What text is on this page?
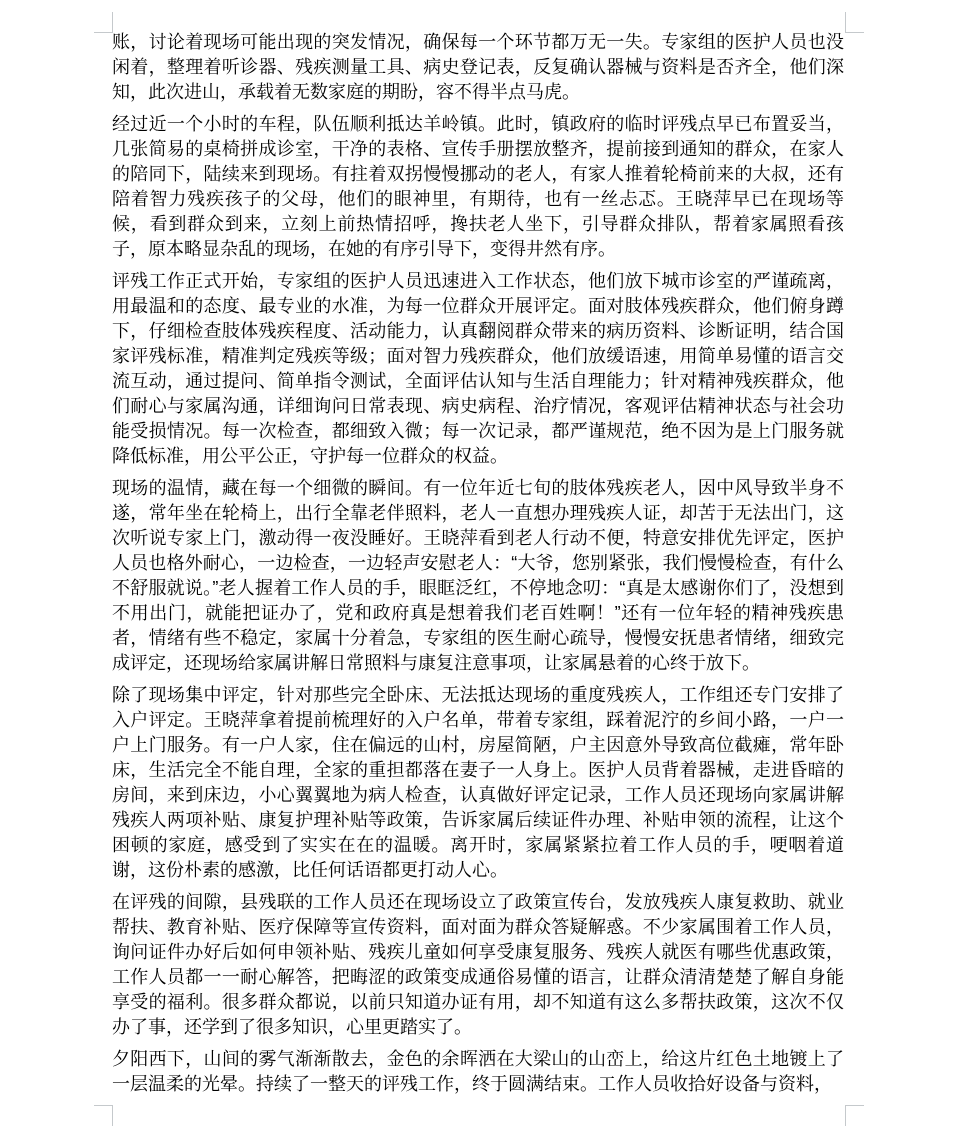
账，讨论着现场可能出现的突发情况，确保每一个环节都万无一失。专家组的医护人员也没闲着，整理着听诊器、残疾测量工具、病史登记表，反复确认器械与资料是否齐全，他们深知，此次进山，承载着无数家庭的期盼，容不得半点马虎。

经过近一个小时的车程，队伍顺利抵达羊岭镇。此时，镇政府的临时评残点早已布置妥当，几张简易的桌椅拼成诊室，干净的表格、宣传手册摆放整齐，提前接到通知的群众，在家人的陪同下，陆续来到现场。有拄着双拐慢慢挪动的老人，有家人推着轮椅前来的大叔，还有陪着智力残疾孩子的父母，他们的眼神里，有期待，也有一丝忐忑。王晓萍早已在现场等候，看到群众到来，立刻上前热情招呼，搀扶老人坐下，引导群众排队，帮着家属照看孩子，原本略显杂乱的现场，在她的有序引导下，变得井然有序。

评残工作正式开始，专家组的医护人员迅速进入工作状态，他们放下城市诊室的严谨疏离，用最温和的态度、最专业的水准，为每一位群众开展评定。面对肢体残疾群众，他们俯身蹲下，仔细检查肢体残疾程度、活动能力，认真翻阅群众带来的病历资料、诊断证明，结合国家评残标准，精准判定残疾等级；面对智力残疾群众，他们放缓语速，用简单易懂的语言交流互动，通过提问、简单指令测试，全面评估认知与生活自理能力；针对精神残疾群众，他们耐心与家属沟通，详细询问日常表现、病史病程、治疗情况，客观评估精神状态与社会功能受损情况。每一次检查，都细致入微；每一次记录，都严谨规范，绝不因为是上门服务就降低标准，用公平公正，守护每一位群众的权益。

现场的温情，藏在每一个细微的瞬间。有一位年近七旬的肢体残疾老人，因中风导致半身不遂，常年坐在轮椅上，出行全靠老伴照料，老人一直想办理残疾人证，却苦于无法出门，这次听说专家上门，激动得一夜没睡好。王晓萍看到老人行动不便，特意安排优先评定，医护人员也格外耐心，一边检查，一边轻声安慰老人：“大爷，您别紧张，我们慢慢检查，有什么不舒服就说。”老人握着工作人员的手，眼眶泛红，不停地念叨：“真是太感谢你们了，没想到不用出门，就能把证办了，党和政府真是想着我们老百姓啊！”还有一位年轻的精神残疾患者，情绪有些不稳定，家属十分着急，专家组的医生耐心疏导，慢慢安抚患者情绪，细致完成评定，还现场给家属讲解日常照料与康复注意事项，让家属悬着的心终于放下。

除了现场集中评定，针对那些完全卧床、无法抵达现场的重度残疾人，工作组还专门安排了入户评定。王晓萍拿着提前梳理好的入户名单，带着专家组，踩着泥泞的乡间小路，一户一户上门服务。有一户人家，住在偏远的山村，房屋简陋，户主因意外导致高位截瘫，常年卧床，生活完全不能自理，全家的重担都落在妻子一人身上。医护人员背着器械，走进昏暗的房间，来到床边，小心翼翼地为病人检查，认真做好评定记录，工作人员还现场向家属讲解残疾人两项补贴、康复护理补贴等政策，告诉家属后续证件办理、补贴申领的流程，让这个困顿的家庭，感受到了实实在在的温暖。离开时，家属紧紧拉着工作人员的手，哽咽着道谢，这份朴素的感激，比任何话语都更打动人心。

在评残的间隙，县残联的工作人员还在现场设立了政策宣传台，发放残疾人康复救助、就业帮扶、教育补贴、医疗保障等宣传资料，面对面为群众答疑解惑。不少家属围着工作人员，询问证件办好后如何申领补贴、残疾儿童如何享受康复服务、残疾人就医有哪些优惠政策，工作人员都一一耐心解答，把晦涩的政策变成通俗易懂的语言，让群众清清楚楚了解自身能享受的福利。很多群众都说，以前只知道办证有用，却不知道有这么多帮扶政策，这次不仅办了事，还学到了很多知识，心里更踏实了。

夕阳西下，山间的雾气渐渐散去，金色的余晖洒在大梁山的山峦上，给这片红色土地镀上了一层温柔的光晕。持续了一整天的评残工作，终于圆满结束。工作人员收拾好设备与资料，
